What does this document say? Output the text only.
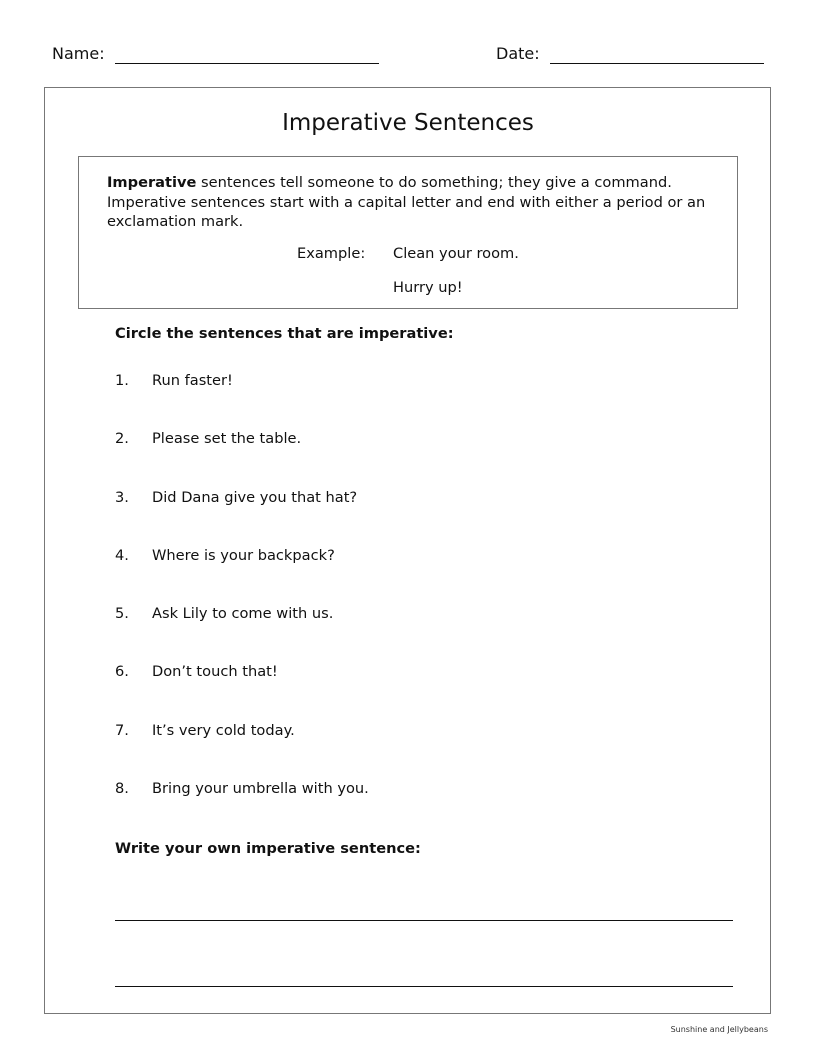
Name:	Date:
Imperative Sentences

Imperative sentences tell someone to do something; they give a command. Imperative sentences start with a capital letter and end with either a period or an exclamation mark.

Example: Clean your room.
Hurry up!

Circle the sentences that are imperative:

1. Run faster!
2. Please set the table.
3. Did Dana give you that hat?
4. Where is your backpack?
5. Ask Lily to come with us.
6. Don’t touch that!
7. It’s very cold today.
8. Bring your umbrella with you.

Write your own imperative sentence:

Sunshine and Jellybeans
